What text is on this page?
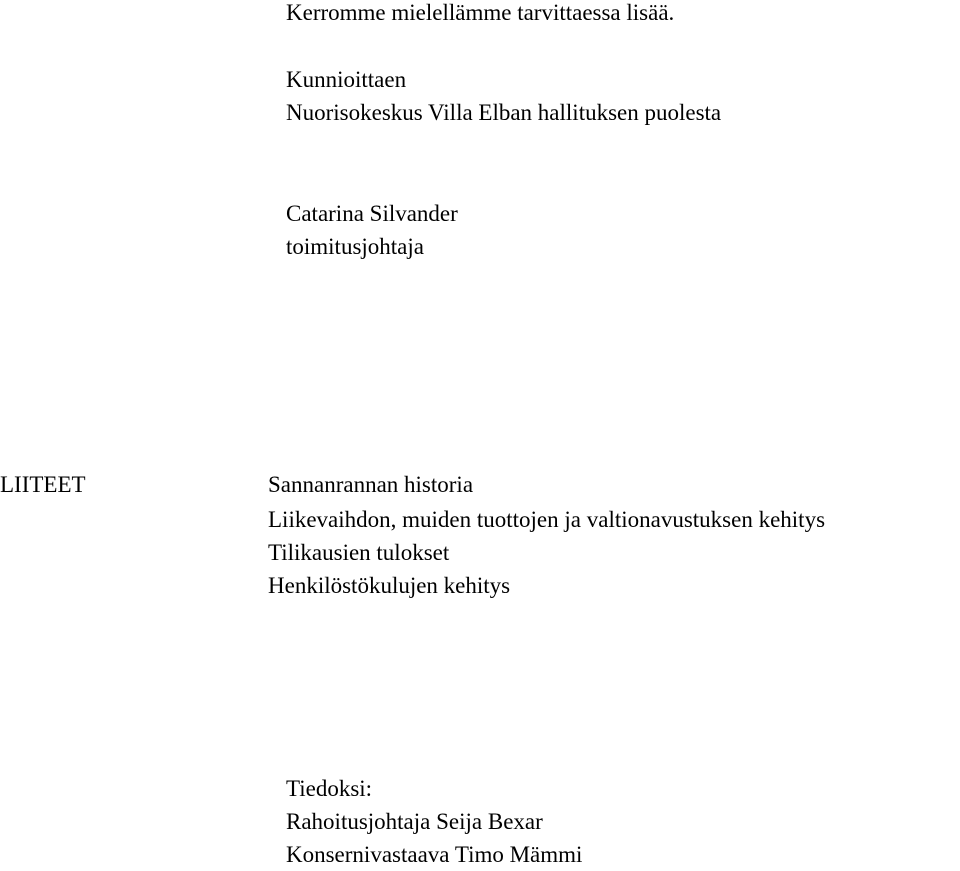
Kerromme mielellämme tarvittaessa lisää.
Kunnioittaen
Nuorisokeskus Villa Elban hallituksen puolesta
Catarina Silvander
toimitusjohtaja
LIITEET	Sannanrannan historia
Liikevaihdon, muiden tuottojen ja valtionavustuksen kehitys
Tilikausien tulokset
Henkilöstökulujen kehitys
Tiedoksi:
Rahoitusjohtaja Seija Bexar
Konsernivastaava Timo Mämmi
